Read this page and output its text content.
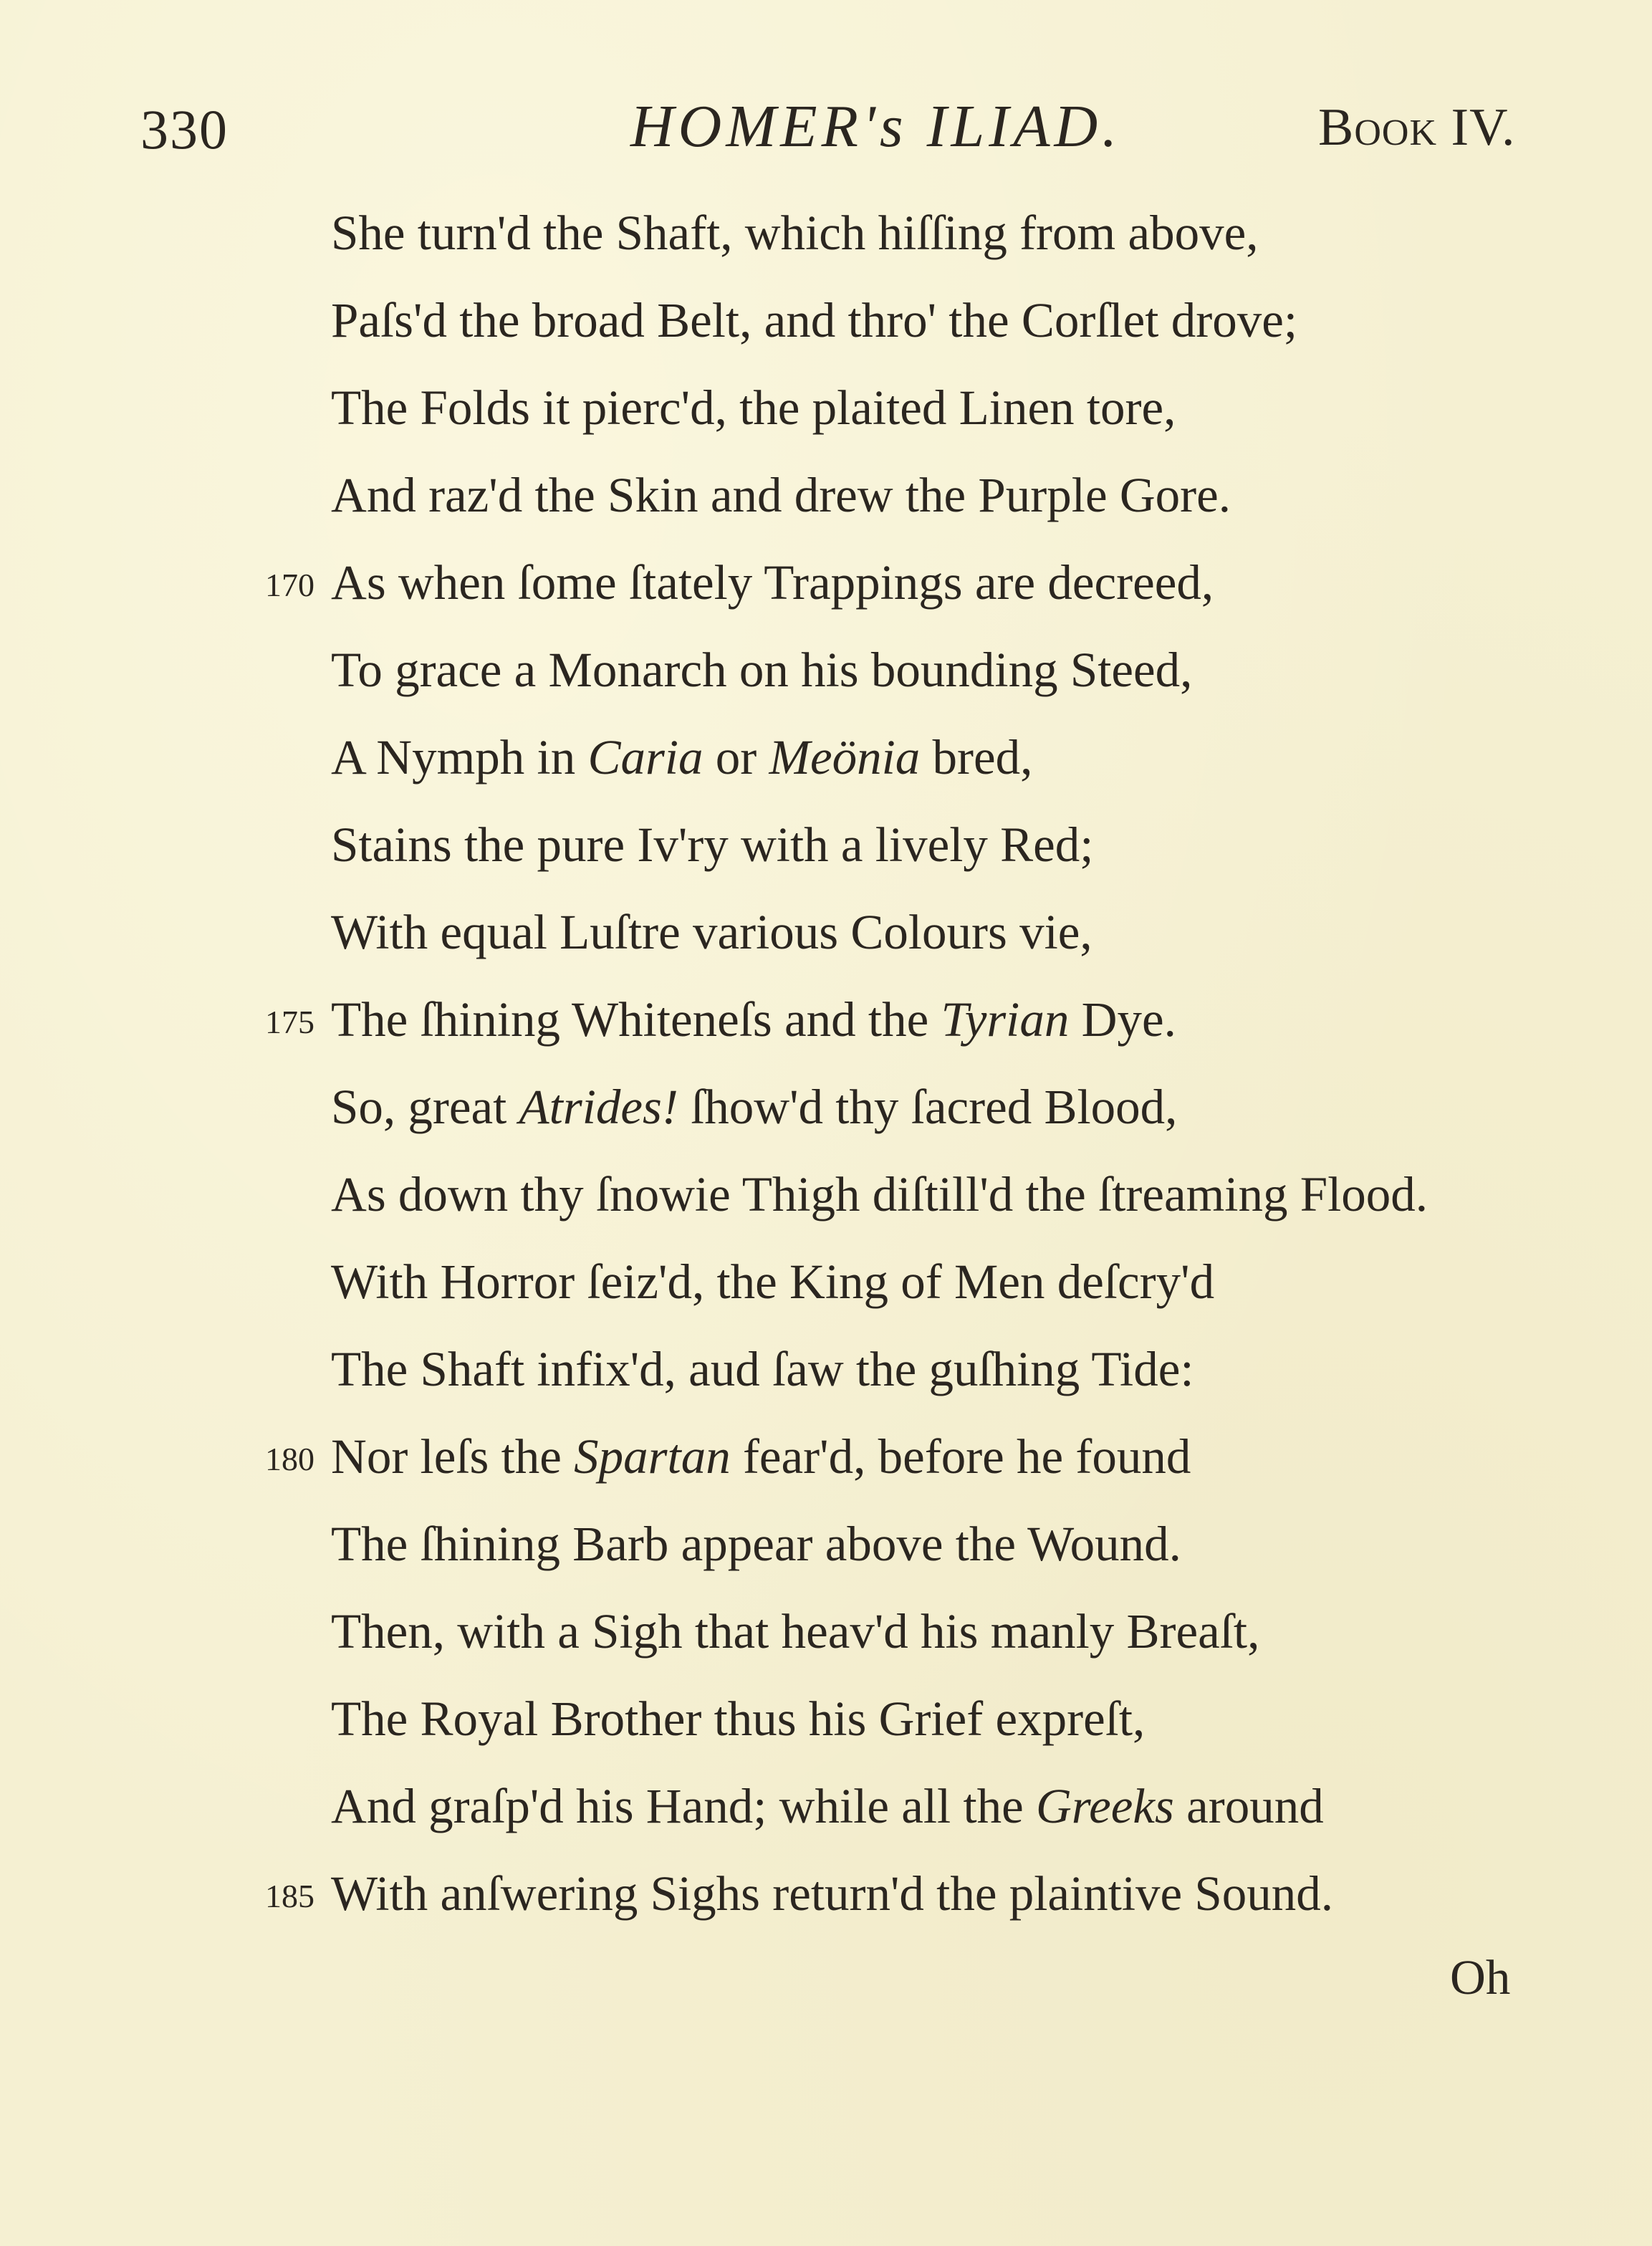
330	HOMER's ILIAD.	Book IV.
She turn'd the Shaft, which hiſſing from above,
Paſs'd the broad Belt, and thro' the Corſlet drove;
The Folds it pierc'd, the plaited Linen tore,
And raz'd the Skin and drew the Purple Gore.
170 As when ſome ſtately Trappings are decreed,
To grace a Monarch on his bounding Steed,
A Nymph in Caria or Meönia bred,
Stains the pure Iv'ry with a lively Red;
With equal Luſtre various Colours vie,
175 The ſhining Whiteneſs and the Tyrian Dye.
So, great Atrides! ſhow'd thy ſacred Blood,
As down thy ſnowie Thigh diſtill'd the ſtreaming Flood.
With Horror ſeiz'd, the King of Men deſcry'd
The Shaft infix'd, aud ſaw the guſhing Tide:
180 Nor leſs the Spartan fear'd, before he found
The ſhining Barb appear above the Wound.
Then, with a Sigh that heav'd his manly Breaſt,
The Royal Brother thus his Grief expreſt,
And graſp'd his Hand; while all the Greeks around
185 With anſwering Sighs return'd the plaintive Sound.
Oh
